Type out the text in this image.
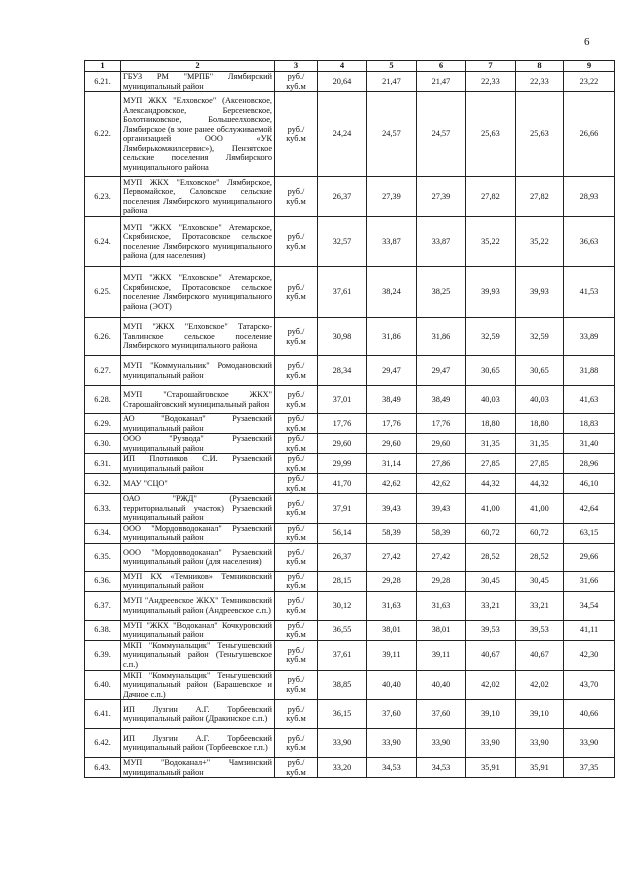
6
1	2	3	4	5	6	7	8	9
6.21.	ГБУЗ РМ "МРПБ" Лямбирский муниципальный район	руб./ куб.м	20,64	21,47	21,47	22,33	22,33	23,22
6.22.	МУП ЖКХ "Елховское" (Аксеновское, Александровское, Берсеневское, Болотниковское, Большеелховское, Лямбирское (в зоне ранее обслуживаемой организацией ООО «УК Лямбирькомжилсервис»), Пензятское сельские поселения Лямбирского муниципального района	руб./ куб.м	24,24	24,57	24,57	25,63	25,63	26,66
6.23.	МУП ЖКХ "Елховское" Лямбирское, Первомайское, Саловское сельские поселения Лямбирского муниципального района	руб./ куб.м	26,37	27,39	27,39	27,82	27,82	28,93
6.24.	МУП "ЖКХ "Елховское" Атемарское, Скрябинское, Протасовское сельское поселение Лямбирского муниципального района (для населения)	руб./ куб.м	32,57	33,87	33,87	35,22	35,22	36,63
6.25.	МУП "ЖКХ "Елховское" Атемарское, Скрябинское, Протасовское сельское поселение Лямбирского муниципального района (ЭОТ)	руб./ куб.м	37,61	38,24	38,25	39,93	39,93	41,53
6.26.	МУП "ЖКХ "Елховское" Татарско-Тавлинское сельское поселение Лямбирского муниципального района	руб./ куб.м	30,98	31,86	31,86	32,59	32,59	33,89
6.27.	МУП "Коммунальник" Ромодановский муниципальный район	руб./ куб.м	28,34	29,47	29,47	30,65	30,65	31,88
6.28.	МУП "Старошайговское ЖКХ" Старошайговский муниципальный район	руб./ куб.м	37,01	38,49	38,49	40,03	40,03	41,63
6.29.	АО "Водоканал" Рузаевский муниципальный район	руб./ куб.м	17,76	17,76	17,76	18,80	18,80	18,83
6.30.	ООО "Рузвода" Рузаевский муниципальный район	руб./ куб.м	29,60	29,60	29,60	31,35	31,35	31,40
6.31.	ИП Плотников С.И. Рузаевский муниципальный район	руб./ куб.м	29,99	31,14	27,86	27,85	27,85	28,96
6.32.	МАУ "СЦО"	руб./ куб.м	41,70	42,62	42,62	44,32	44,32	46,10
6.33.	ОАО "РЖД" (Рузаевский территориальный участок) Рузаевский муниципальный район	руб./ куб.м	37,91	39,43	39,43	41,00	41,00	42,64
6.34.	ООО "Мордовводоканал" Рузаевский муниципальный район	руб./ куб.м	56,14	58,39	58,39	60,72	60,72	63,15
6.35.	ООО "Мордовводоканал" Рузаевский муниципальный район (для населения)	руб./ куб.м	26,37	27,42	27,42	28,52	28,52	29,66
6.36.	МУП КХ «Темников» Темниковский муниципальный район	руб./ куб.м	28,15	29,28	29,28	30,45	30,45	31,66
6.37.	МУП "Андреевское ЖКХ" Темниковский муниципальный район (Андреевское с.п.)	руб./ куб.м	30,12	31,63	31,63	33,21	33,21	34,54
6.38.	МУП "ЖКХ "Водоканал" Кочкуровский муниципальный район	руб./ куб.м	36,55	38,01	38,01	39,53	39,53	41,11
6.39.	МКП "Коммунальщик" Теньгушевский муниципальный район (Теньгушевское с.п.)	руб./ куб.м	37,61	39,11	39,11	40,67	40,67	42,30
6.40.	МКП "Коммунальщик" Теньгушевский муниципальный район (Барашевское и Дачное с.п.)	руб./ куб.м	38,85	40,40	40,40	42,02	42,02	43,70
6.41.	ИП Лузгин А.Г. Торбеевский муниципальный район (Дракинское с.п.)	руб./ куб.м	36,15	37,60	37,60	39,10	39,10	40,66
6.42.	ИП Лузгин А.Г. Торбеевский муниципальный район (Торбеевское г.п.)	руб./ куб.м	33,90	33,90	33,90	33,90	33,90	33,90
6.43.	МУП "Водоканал+" Чамзинский муниципальный район	руб./ куб.м	33,20	34,53	34,53	35,91	35,91	37,35
